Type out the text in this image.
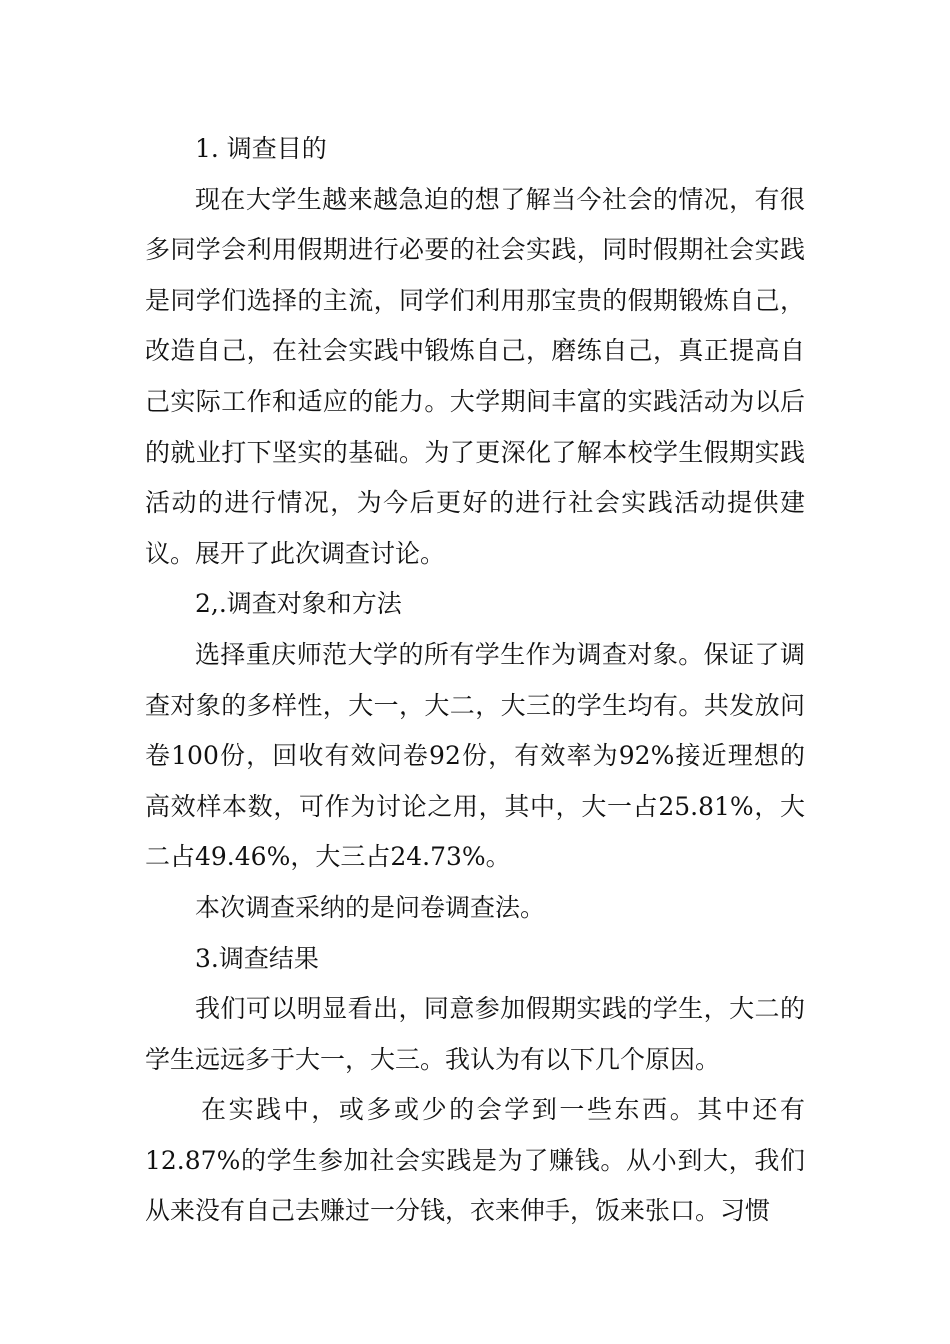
1. 调查目的

现在大学生越来越急迫的想了解当今社会的情况，有很多同学会利用假期进行必要的社会实践，同时假期社会实践是同学们选择的主流，同学们利用那宝贵的假期锻炼自己，改造自己，在社会实践中锻炼自己，磨练自己，真正提高自己实际工作和适应的能力。大学期间丰富的实践活动为以后的就业打下坚实的基础。为了更深化了解本校学生假期实践活动的进行情况，为今后更好的进行社会实践活动提供建议。展开了此次调查讨论。

2,.调查对象和方法

选择重庆师范大学的所有学生作为调查对象。保证了调查对象的多样性，大一，大二，大三的学生均有。共发放问卷100份，回收有效问卷92份，有效率为92%接近理想的高效样本数，可作为讨论之用，其中，大一占25.81%，大二占49.46%，大三占24.73%。

本次调查采纳的是问卷调查法。

3.调查结果

我们可以明显看出，同意参加假期实践的学生，大二的学生远远多于大一，大三。我认为有以下几个原因。

在实践中，或多或少的会学到一些东西。其中还有12.87%的学生参加社会实践是为了赚钱。从小到大，我们从来没有自己去赚过一分钱，衣来伸手，饭来张口。习惯
